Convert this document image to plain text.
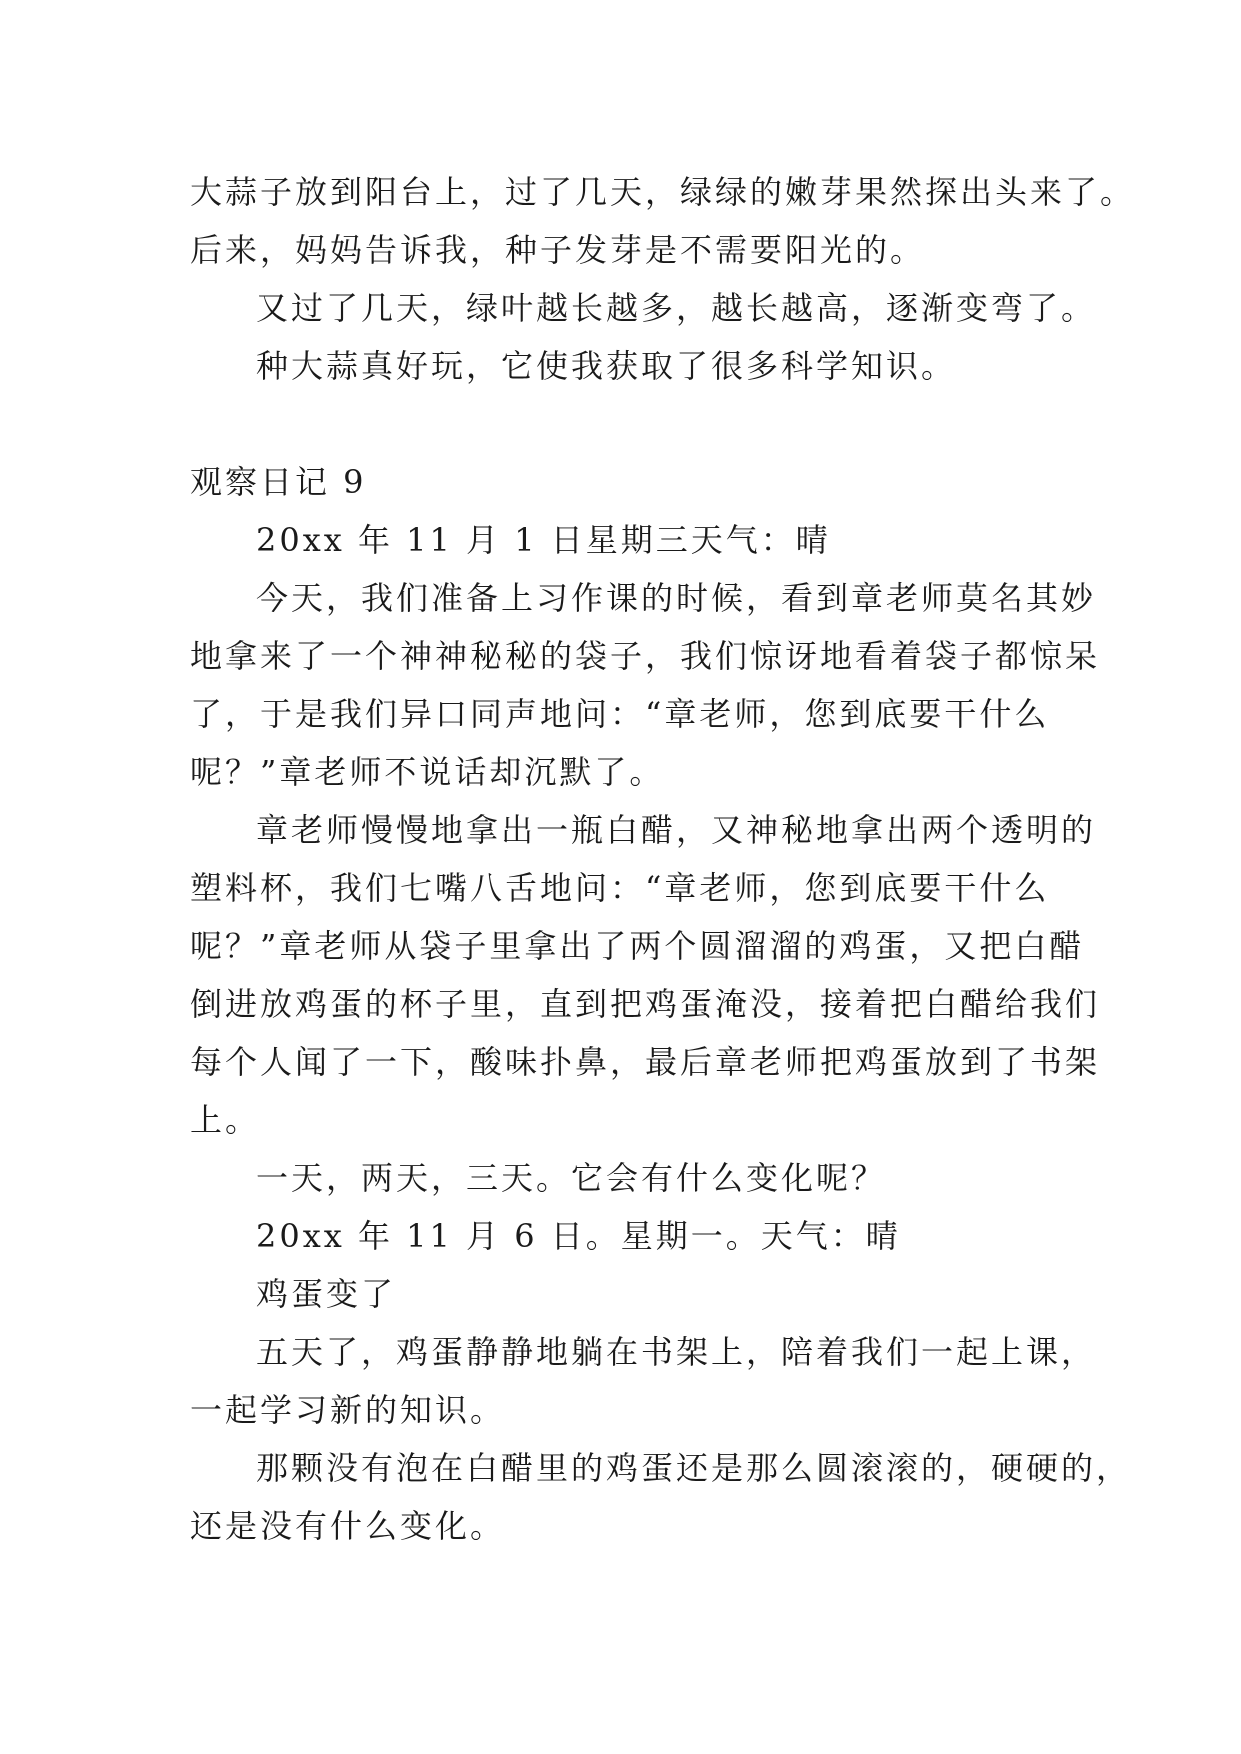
大蒜子放到阳台上，过了几天，绿绿的嫩芽果然探出头来了。
后来，妈妈告诉我，种子发芽是不需要阳光的。
又过了几天，绿叶越长越多，越长越高，逐渐变弯了。
种大蒜真好玩，它使我获取了很多科学知识。
观察日记 9
20xx 年 11 月 1 日星期三天气：晴
今天，我们准备上习作课的时候，看到章老师莫名其妙
地拿来了一个神神秘秘的袋子，我们惊讶地看着袋子都惊呆
了，于是我们异口同声地问：“章老师，您到底要干什么
呢？”章老师不说话却沉默了。
章老师慢慢地拿出一瓶白醋，又神秘地拿出两个透明的
塑料杯，我们七嘴八舌地问：“章老师，您到底要干什么
呢？”章老师从袋子里拿出了两个圆溜溜的鸡蛋，又把白醋
倒进放鸡蛋的杯子里，直到把鸡蛋淹没，接着把白醋给我们
每个人闻了一下，酸味扑鼻，最后章老师把鸡蛋放到了书架
上。
一天，两天，三天。它会有什么变化呢？
20xx 年 11 月 6 日。星期一。天气：晴
鸡蛋变了
五天了，鸡蛋静静地躺在书架上，陪着我们一起上课，
一起学习新的知识。
那颗没有泡在白醋里的鸡蛋还是那么圆滚滚的，硬硬的，
还是没有什么变化。
